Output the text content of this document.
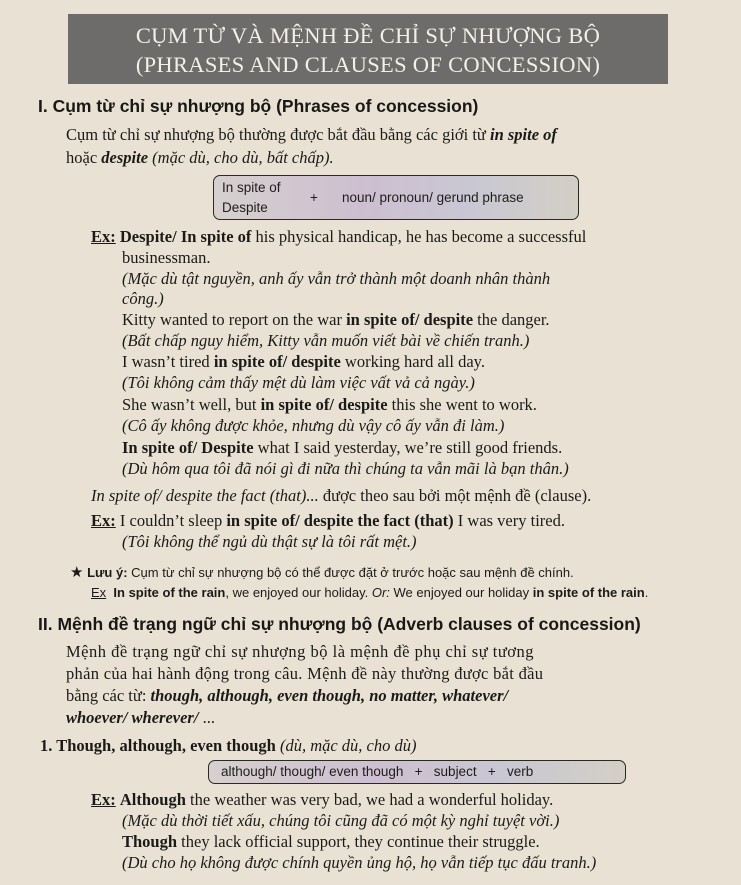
CỤM TỪ VÀ MỆNH ĐỀ CHỈ SỰ NHƯỢNG BỘ
(PHRASES AND CLAUSES OF CONCESSION)
I. Cụm từ chỉ sự nhượng bộ (Phrases of concession)
Cụm từ chỉ sự nhượng bộ thường được bắt đầu bằng các giới từ in spite of
hoặc despite (mặc dù, cho dù, bất chấp).
In spite of
Despite
+ noun/ pronoun/ gerund phrase
Ex: Despite/ In spite of his physical handicap, he has become a successful
businessman.
(Mặc dù tật nguyền, anh ấy vẫn trở thành một doanh nhân thành
công.)
Kitty wanted to report on the war in spite of/ despite the danger.
(Bất chấp nguy hiểm, Kitty vẫn muốn viết bài về chiến tranh.)
I wasn’t tired in spite of/ despite working hard all day.
(Tôi không cảm thấy mệt dù làm việc vất vả cả ngày.)
She wasn’t well, but in spite of/ despite this she went to work.
(Cô ấy không được khỏe, nhưng dù vậy cô ấy vẫn đi làm.)
In spite of/ Despite what I said yesterday, we’re still good friends.
(Dù hôm qua tôi đã nói gì đi nữa thì chúng ta vẫn mãi là bạn thân.)
In spite of/ despite the fact (that)... được theo sau bởi một mệnh đề (clause).
Ex: I couldn’t sleep in spite of/ despite the fact (that) I was very tired.
(Tôi không thể ngủ dù thật sự là tôi rất mệt.)
★ Lưu ý: Cụm từ chỉ sự nhượng bộ có thể được đặt ở trước hoặc sau mệnh đề chính.
Ex In spite of the rain, we enjoyed our holiday. Or: We enjoyed our holiday in spite of the rain.
II. Mệnh đề trạng ngữ chỉ sự nhượng bộ (Adverb clauses of concession)
Mệnh đề trạng ngữ chỉ sự nhượng bộ là mệnh đề phụ chỉ sự tương
phản của hai hành động trong câu. Mệnh đề này thường được bắt đầu
bằng các từ: though, although, even though, no matter, whatever/
whoever/ wherever/ ...
1. Though, although, even though (dù, mặc dù, cho dù)
although/ though/ even though   +   subject   +   verb
Ex: Although the weather was very bad, we had a wonderful holiday.
(Mặc dù thời tiết xấu, chúng tôi cũng đã có một kỳ nghỉ tuyệt vời.)
Though they lack official support, they continue their struggle.
(Dù cho họ không được chính quyền ủng hộ, họ vẫn tiếp tục đấu tranh.)
